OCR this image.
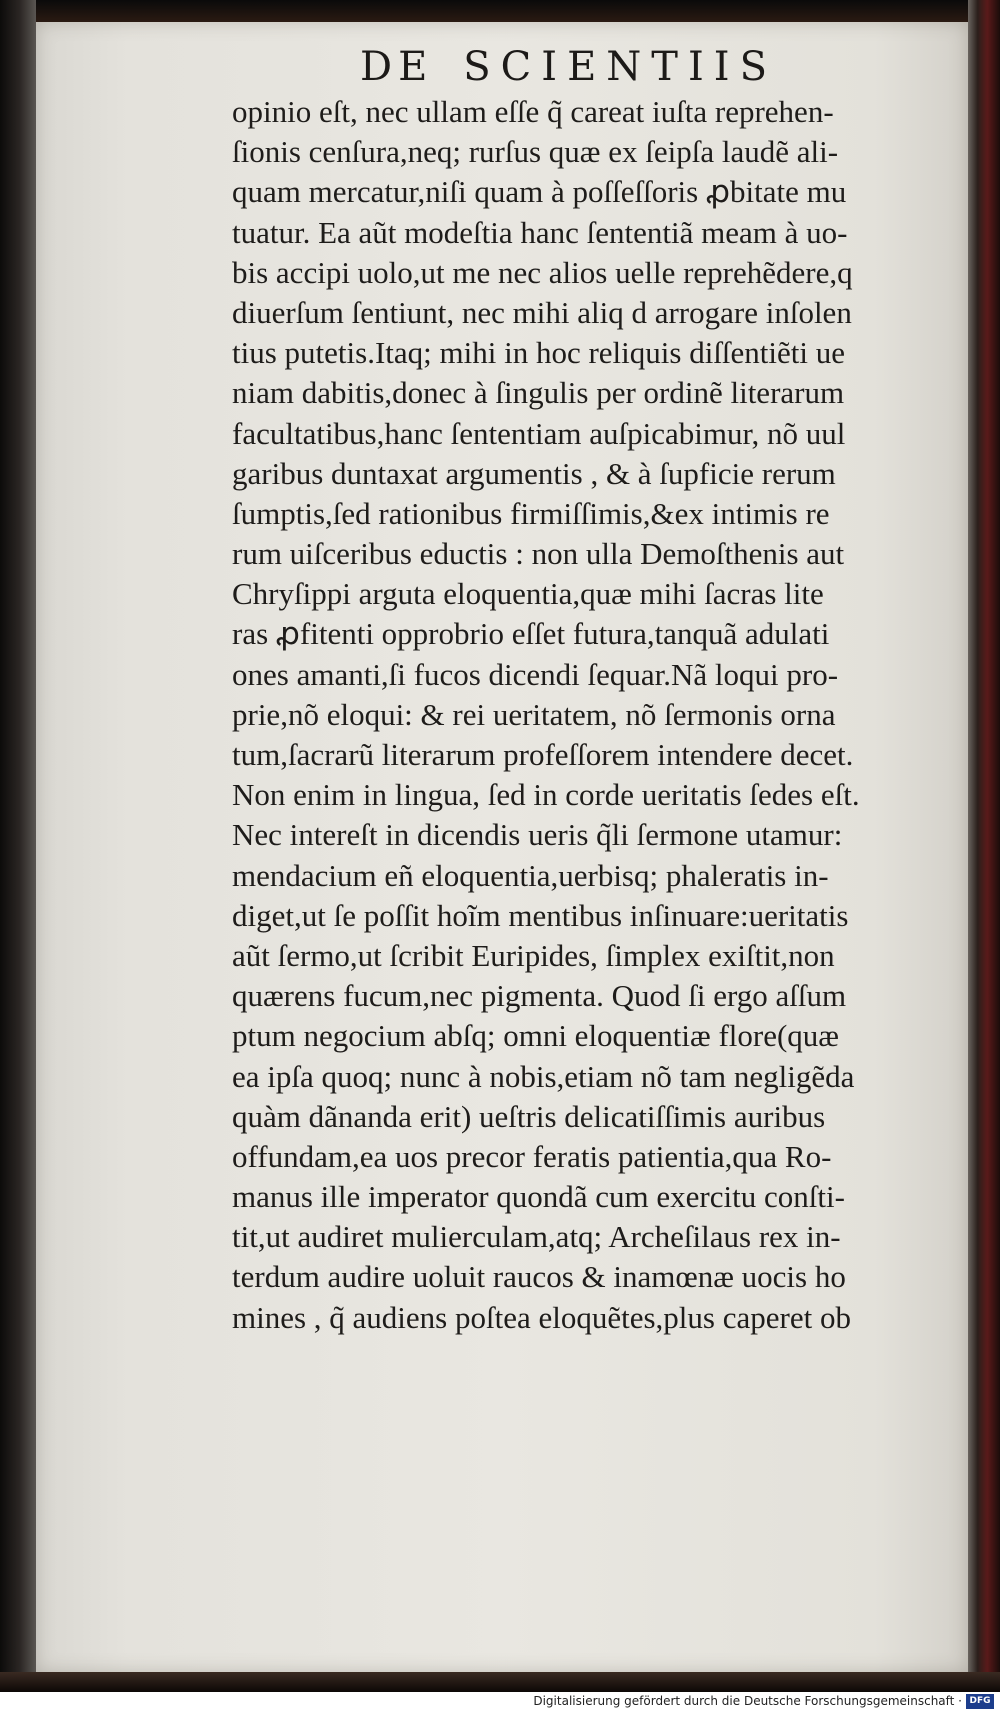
DE SCIENTIIS
opinio eſt, nec ullam eſſe q̃ careat iuſta reprehen-
ſionis cenſura,neq; rurſus quæ ex ſeipſa laudẽ ali-
quam mercatur,niſi quam à poſſeſſoris ꝓbitate mu
tuatur. Ea aũt modeſtia hanc ſententiã meam à uo-
bis accipi uolo,ut me nec alios uelle reprehẽdere,q
diuerſum ſentiunt, nec mihi aliq d arrogare inſolen
tius putetis.Itaq; mihi in hoc reliquis diſſentiẽti ue
niam dabitis,donec à ſingulis per ordinẽ literarum
facultatibus,hanc ſententiam auſpicabimur, nõ uul
garibus duntaxat argumentis , & à ſupficie rerum
ſumptis,ſed rationibus firmiſſimis,&ex intimis re
rum uiſceribus eductis : non ulla Demoſthenis aut
Chryſippi arguta eloquentia,quæ mihi ſacras lite
ras ꝓfitenti opprobrio eſſet futura,tanquã adulati
ones amanti,ſi fucos dicendi ſequar.Nã loqui pro-
prie,nõ eloqui: & rei ueritatem, nõ ſermonis orna
tum,ſacrarũ literarum profeſſorem intendere decet.
Non enim in lingua, ſed in corde ueritatis ſedes eſt.
Nec intereſt in dicendis ueris q̃li ſermone utamur:
mendacium eñ eloquentia,uerbisq; phaleratis in-
diget,ut ſe poſſit hoĩm mentibus inſinuare:ueritatis
aũt ſermo,ut ſcribit Euripides, ſimplex exiſtit,non
quærens fucum,nec pigmenta. Quod ſi ergo aſſum
ptum negocium abſq; omni eloquentiæ flore(quæ
ea ipſa quoq; nunc à nobis,etiam nõ tam negligẽda
quàm dãnanda erit) ueſtris delicatiſſimis auribus
offundam,ea uos precor feratis patientia,qua Ro-
manus ille imperator quondã cum exercitu conſti-
tit,ut audiret mulierculam,atq; Archeſilaus rex in-
terdum audire uoluit raucos & inamœnæ uocis ho
mines , q̃ audiens poſtea eloquẽtes,plus caperet ob
Digitalisierung gefördert durch die Deutsche Forschungsgemeinschaft · DFG
